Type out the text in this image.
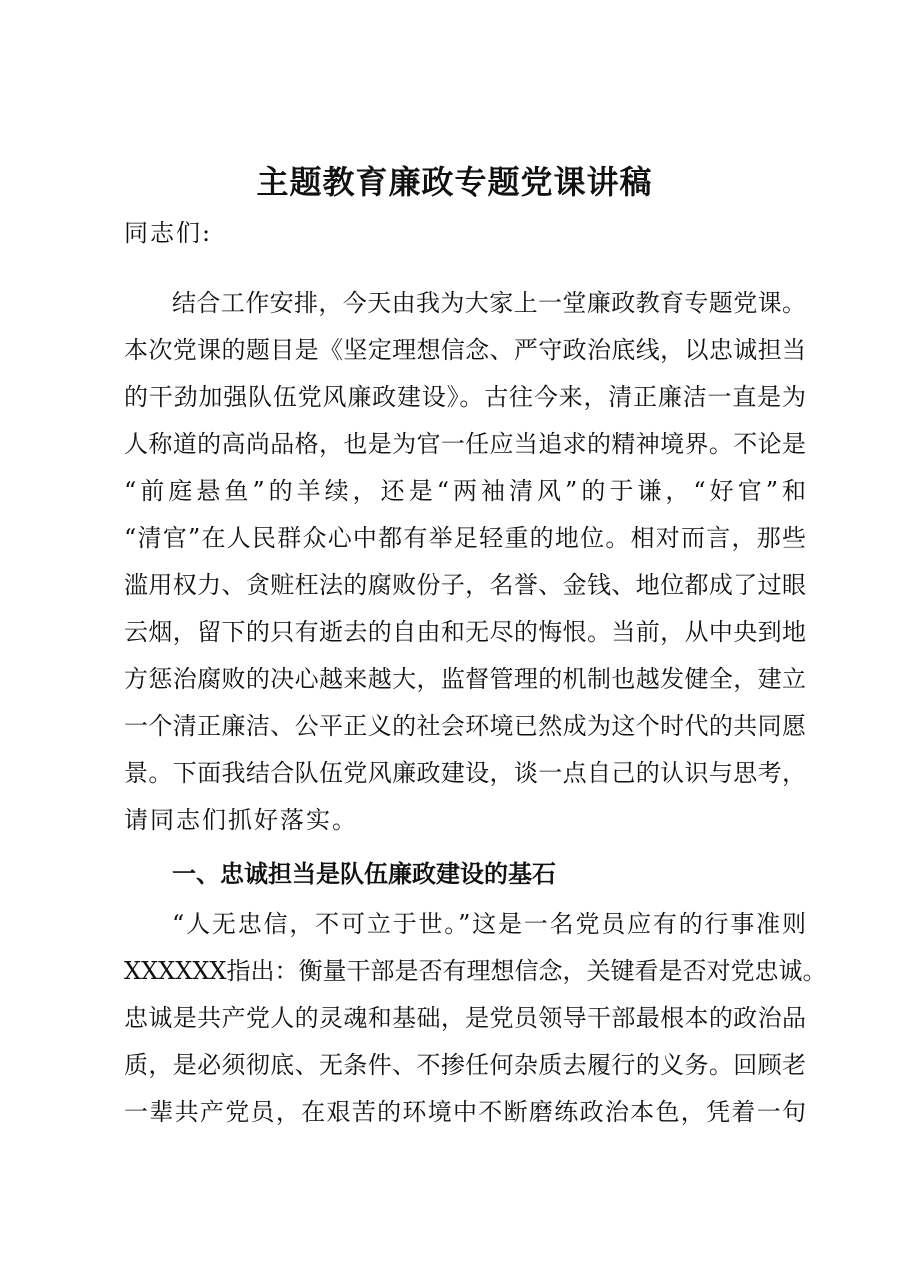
主题教育廉政专题党课讲稿
同志们:
结合工作安排，今天由我为大家上一堂廉政教育专题党课。
本次党课的题目是《坚定理想信念、严守政治底线，以忠诚担当
的干劲加强队伍党风廉政建设》。古往今来，清正廉洁一直是为
人称道的高尚品格，也是为官一任应当追求的精神境界。不论是
“前庭悬鱼”的羊续，还是“两袖清风”的于谦，“好官”和
“清官”在人民群众心中都有举足轻重的地位。相对而言，那些
滥用权力、贪赃枉法的腐败份子，名誉、金钱、地位都成了过眼
云烟，留下的只有逝去的自由和无尽的悔恨。当前，从中央到地
方惩治腐败的决心越来越大，监督管理的机制也越发健全，建立
一个清正廉洁、公平正义的社会环境已然成为这个时代的共同愿
景。下面我结合队伍党风廉政建设，谈一点自己的认识与思考，
请同志们抓好落实。
一、忠诚担当是队伍廉政建设的基石
“人无忠信，不可立于世。”这是一名党员应有的行事准则
XXXXXX指出：衡量干部是否有理想信念，关键看是否对党忠诚。
忠诚是共产党人的灵魂和基础，是党员领导干部最根本的政治品
质，是必须彻底、无条件、不掺任何杂质去履行的义务。回顾老
一辈共产党员，在艰苦的环境中不断磨练政治本色，凭着一句
